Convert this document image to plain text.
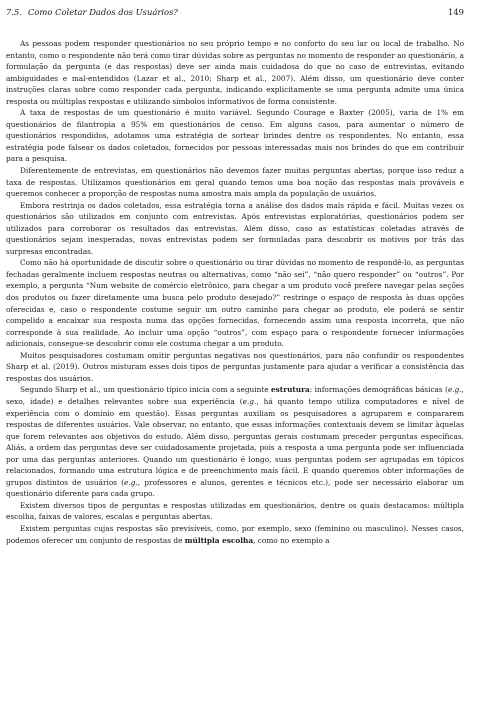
7.5. Como Coletar Dados dos Usuários?	149

As pessoas podem responder questionários no seu próprio tempo e no conforto do seu lar ou local de trabalho. No entanto, como o respondente não terá como tirar dúvidas sobre as perguntas no momento de responder ao questionário, a formulação da pergunta (e das respostas) deve ser ainda mais cuidadosa do que no caso de entrevistas, evitando ambiguidades e mal-entendidos (Lazar et al., 2010; Sharp et al., 2007). Além disso, um questionário deve conter instruções claras sobre como responder cada pergunta, indicando explicitamente se uma pergunta admite uma única resposta ou múltiplas respostas e utilizando símbolos informativos de forma consistente.

A taxa de respostas de um questionário é muito variável. Segundo Courage e Baxter (2005), varia de 1% em questionários de filantropia a 95% em questionários de censo. Em alguns casos, para aumentar o número de questionários respondidos, adotamos uma estratégia de sortear brindes dentre os respondentes. No entanto, essa estratégia pode falsear os dados coletados, fornecidos por pessoas interessadas mais nos brindes do que em contribuir para a pesquisa.

Diferentemente de entrevistas, em questionários não devemos fazer muitas perguntas abertas, porque isso reduz a taxa de respostas. Utilizamos questionários em geral quando temos uma boa noção das respostas mais prováveis e queremos conhecer a proporção de respostas numa amostra mais ampla da população de usuários.

Embora restrinja os dados coletados, essa estratégia torna a análise dos dados mais rápida e fácil. Muitas vezes os questionários são utilizados em conjunto com entrevistas. Após entrevistas exploratórias, questionários podem ser utilizados para corroborar os resultados das entrevistas. Além disso, caso as estatísticas coletadas através de questionários sejam inesperadas, novas entrevistas podem ser formuladas para descobrir os motivos por trás das surpresas encontradas.

Como não há oportunidade de discutir sobre o questionário ou tirar dúvidas no momento de respondê-lo, as perguntas fechadas geralmente incluem respostas neutras ou alternativas, como “não sei”, “não quero responder” ou “outros”. Por exemplo, a pergunta “Num website de comércio eletrônico, para chegar a um produto você prefere navegar pelas seções dos produtos ou fazer diretamente uma busca pelo produto desejado?” restringe o espaço de resposta às duas opções oferecidas e, caso o respondente costume seguir um outro caminho para chegar ao produto, ele poderá se sentir compelido a encaixar sua resposta numa das opções fornecidas, fornecendo assim uma resposta incorreta, que não corresponde à sua realidade. Ao incluir uma opção “outros”, com espaço para o respondente fornecer informações adicionais, consegue-se descobrir como ele costuma chegar a um produto.

Muitos pesquisadores costumam omitir perguntas negativas nos questionários, para não confundir os respondentes Sharp et al. (2019). Outros misturam esses dois tipos de perguntas justamente para ajudar a verificar a consistência das respostas dos usuários.

Segundo Sharp et al., um questionário típico inicia com a seguinte estrutura: informações demográficas básicas (e.g., sexo, idade) e detalhes relevantes sobre sua experiência (e.g., há quanto tempo utiliza computadores e nível de experiência com o domínio em questão). Essas perguntas auxiliam os pesquisadores a agruparem e compararem respostas de diferentes usuários. Vale observar, no entanto, que essas informações contextuais devem se limitar àquelas que forem relevantes aos objetivos do estudo. Além disso, perguntas gerais costumam preceder perguntas específicas. Aliás, a ordem das perguntas deve ser cuidadosamente projetada, pois a resposta a uma pergunta pode ser influenciada por uma das perguntas anteriores. Quando um questionário é longo, suas perguntas podem ser agrupadas em tópicos relacionados, formando uma estrutura lógica e de preenchimento mais fácil. E quando queremos obter informações de grupos distintos de usuários (e.g., professores e alunos, gerentes e técnicos etc.), pode ser necessário elaborar um questionário diferente para cada grupo.

Existem diversos tipos de perguntas e respostas utilizadas em questionários, dentre os quais destacamos: múltipla escolha, faixas de valores, escalas e perguntas abertas.

Existem perguntas cujas respostas são previsíveis, como, por exemplo, sexo (feminino ou masculino). Nesses casos, podemos oferecer um conjunto de respostas de múltipla escolha, como no exemplo a
